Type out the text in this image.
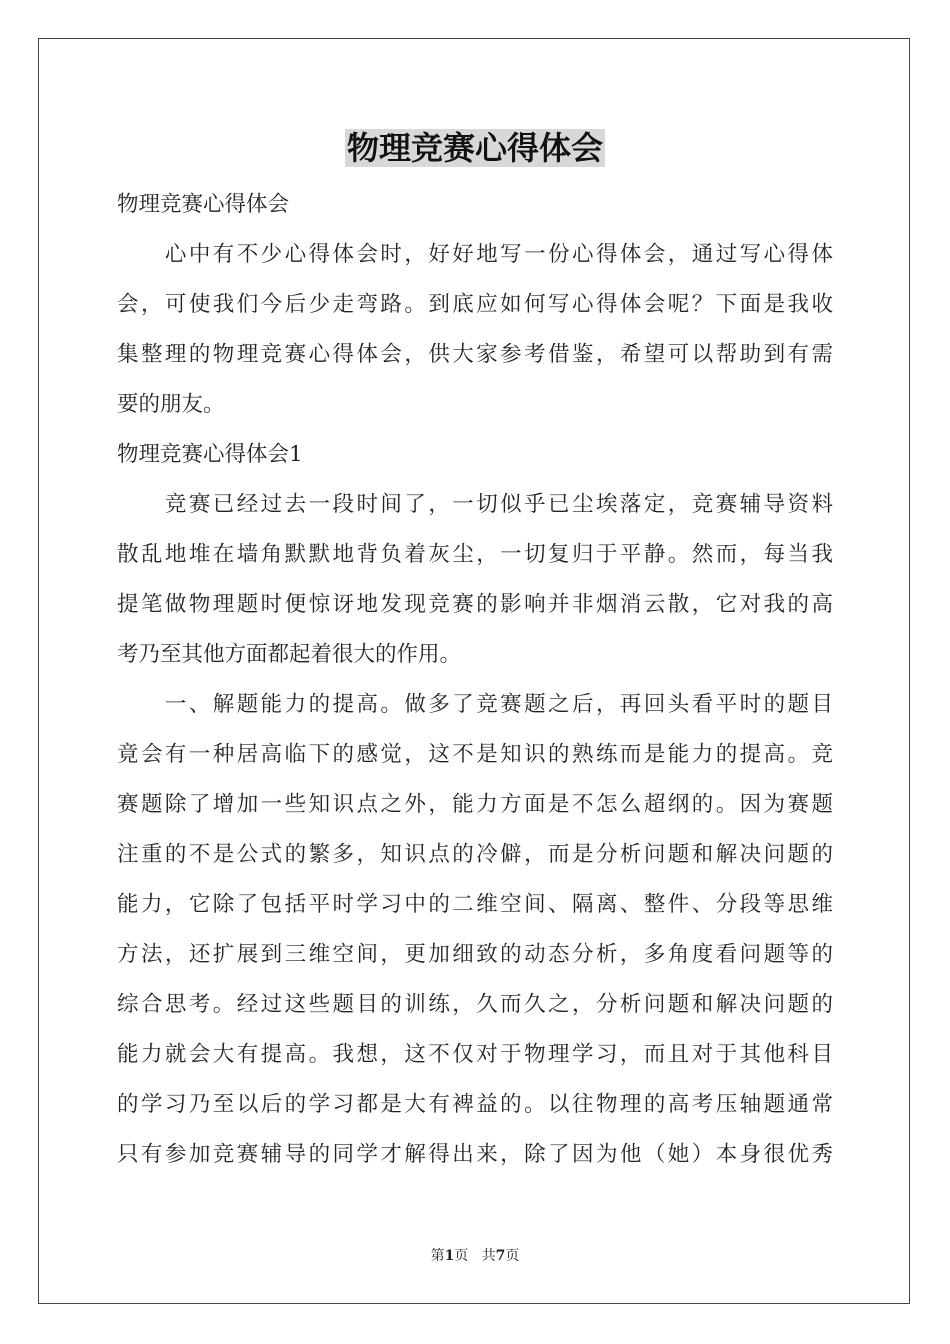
物理竞赛心得体会
物理竞赛心得体会
　　心中有不少心得体会时，好好地写一份心得体会，通过写心得体
会，可使我们今后少走弯路。到底应如何写心得体会呢？下面是我收
集整理的物理竞赛心得体会，供大家参考借鉴，希望可以帮助到有需
要的朋友。
物理竞赛心得体会1
　　竞赛已经过去一段时间了，一切似乎已尘埃落定，竞赛辅导资料
散乱地堆在墙角默默地背负着灰尘，一切复归于平静。然而，每当我
提笔做物理题时便惊讶地发现竞赛的影响并非烟消云散，它对我的高
考乃至其他方面都起着很大的作用。
　　一、解题能力的提高。做多了竞赛题之后，再回头看平时的题目
竟会有一种居高临下的感觉，这不是知识的熟练而是能力的提高。竞
赛题除了增加一些知识点之外，能力方面是不怎么超纲的。因为赛题
注重的不是公式的繁多，知识点的冷僻，而是分析问题和解决问题的
能力，它除了包括平时学习中的二维空间、隔离、整件、分段等思维
方法，还扩展到三维空间，更加细致的动态分析，多角度看问题等的
综合思考。经过这些题目的训练，久而久之，分析问题和解决问题的
能力就会大有提高。我想，这不仅对于物理学习，而且对于其他科目
的学习乃至以后的学习都是大有裨益的。以往物理的高考压轴题通常
只有参加竞赛辅导的同学才解得出来，除了因为他（她）本身很优秀
第1页 共7页
